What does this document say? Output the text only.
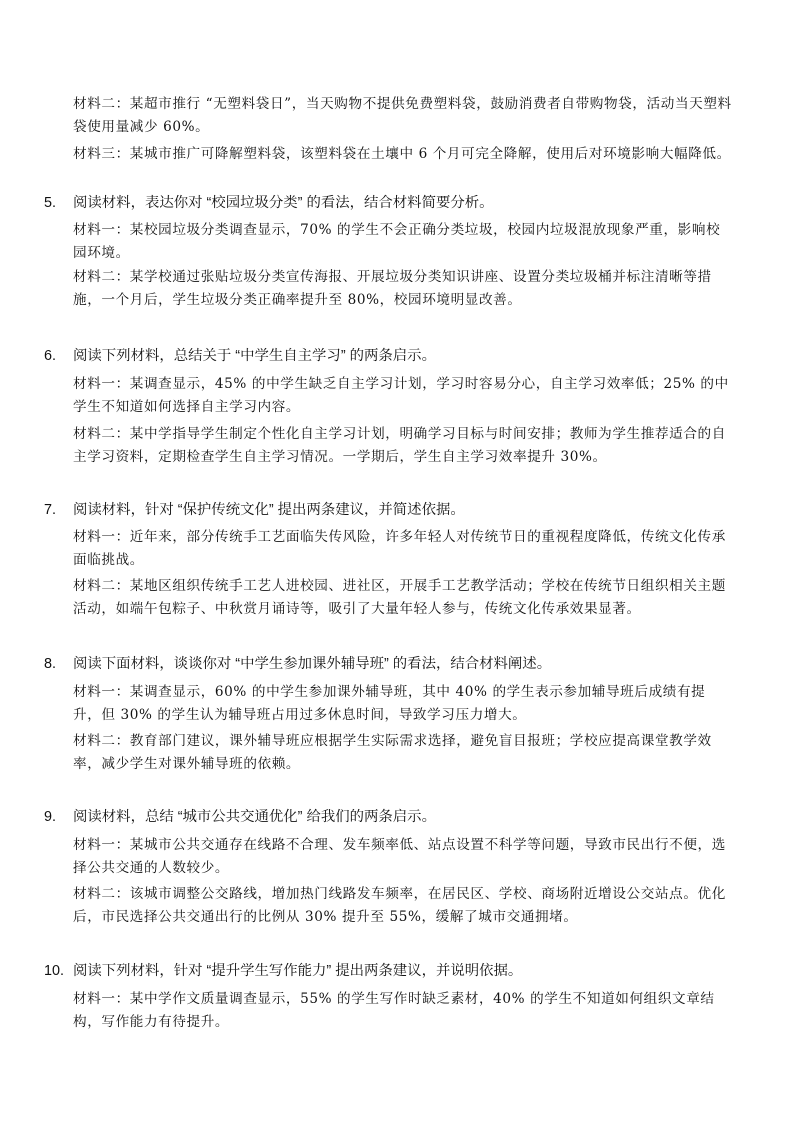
材料二：某超市推行 “无塑料袋日”，当天购物不提供免费塑料袋，鼓励消费者自带购物袋，活动当天塑料袋使用量减少 60%。

材料三：某城市推广可降解塑料袋，该塑料袋在土壤中 6 个月可完全降解，使用后对环境影响大幅降低。

5. 阅读材料，表达你对 “校园垃圾分类” 的看法，结合材料简要分析。

材料一：某校园垃圾分类调查显示，70% 的学生不会正确分类垃圾，校园内垃圾混放现象严重，影响校园环境。

材料二：某学校通过张贴垃圾分类宣传海报、开展垃圾分类知识讲座、设置分类垃圾桶并标注清晰等措施，一个月后，学生垃圾分类正确率提升至 80%，校园环境明显改善。

6. 阅读下列材料，总结关于 “中学生自主学习” 的两条启示。

材料一：某调查显示，45% 的中学生缺乏自主学习计划，学习时容易分心，自主学习效率低；25% 的中学生不知道如何选择自主学习内容。

材料二：某中学指导学生制定个性化自主学习计划，明确学习目标与时间安排；教师为学生推荐适合的自主学习资料，定期检查学生自主学习情况。一学期后，学生自主学习效率提升 30%。

7. 阅读材料，针对 “保护传统文化” 提出两条建议，并简述依据。

材料一：近年来，部分传统手工艺面临失传风险，许多年轻人对传统节日的重视程度降低，传统文化传承面临挑战。

材料二：某地区组织传统手工艺人进校园、进社区，开展手工艺教学活动；学校在传统节日组织相关主题活动，如端午包粽子、中秋赏月诵诗等，吸引了大量年轻人参与，传统文化传承效果显著。

8. 阅读下面材料，谈谈你对 “中学生参加课外辅导班” 的看法，结合材料阐述。

材料一：某调查显示，60% 的中学生参加课外辅导班，其中 40% 的学生表示参加辅导班后成绩有提升，但 30% 的学生认为辅导班占用过多休息时间，导致学习压力增大。

材料二：教育部门建议，课外辅导班应根据学生实际需求选择，避免盲目报班；学校应提高课堂教学效率，减少学生对课外辅导班的依赖。

9. 阅读材料，总结 “城市公共交通优化” 给我们的两条启示。

材料一：某城市公共交通存在线路不合理、发车频率低、站点设置不科学等问题，导致市民出行不便，选择公共交通的人数较少。

材料二：该城市调整公交路线，增加热门线路发车频率，在居民区、学校、商场附近增设公交站点。优化后，市民选择公共交通出行的比例从 30% 提升至 55%，缓解了城市交通拥堵。

10. 阅读下列材料，针对 “提升学生写作能力” 提出两条建议，并说明依据。

材料一：某中学作文质量调查显示，55% 的学生写作时缺乏素材，40% 的学生不知道如何组织文章结构，写作能力有待提升。
